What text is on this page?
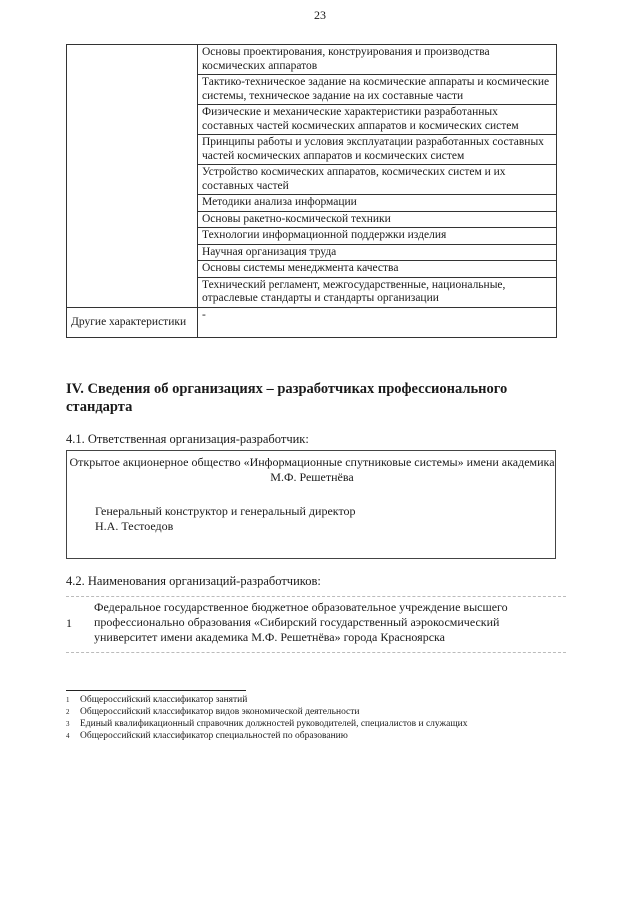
23
	Основы проектирования, конструирования и производства космических аппаратов
	Тактико-техническое задание на космические аппараты и космические системы, техническое задание на их составные части
	Физические и механические характеристики разработанных составных частей космических аппаратов и космических систем
	Принципы работы и условия эксплуатации разработанных составных частей космических аппаратов и космических систем
	Устройство космических аппаратов, космических систем и их составных частей
	Методики анализа информации
	Основы ракетно-космической техники
	Технологии информационной поддержки изделия
	Научная организация труда
	Основы системы менеджмента качества
	Технический регламент, межгосударственные, национальные, отраслевые стандарты и стандарты организации
Другие характеристики	-
IV. Сведения об организациях – разработчиках профессионального стандарта
4.1. Ответственная организация-разработчик:
Открытое акционерное общество «Информационные спутниковые системы» имени академика М.Ф. Решетнёва
Генеральный конструктор и генеральный директор
Н.А. Тестоедов
4.2. Наименования организаций-разработчиков:
1
Федеральное государственное бюджетное образовательное учреждение высшего профессионально образования «Сибирский государственный аэрокосмический университет имени академика М.Ф. Решетнёва» города Красноярска
$^1$ Общероссийский классификатор занятий
$^2$ Общероссийский классификатор видов экономической деятельности
$^3$ Единый квалификационный справочник должностей руководителей, специалистов и служащих
$^4$ Общероссийский классификатор специальностей по образованию
